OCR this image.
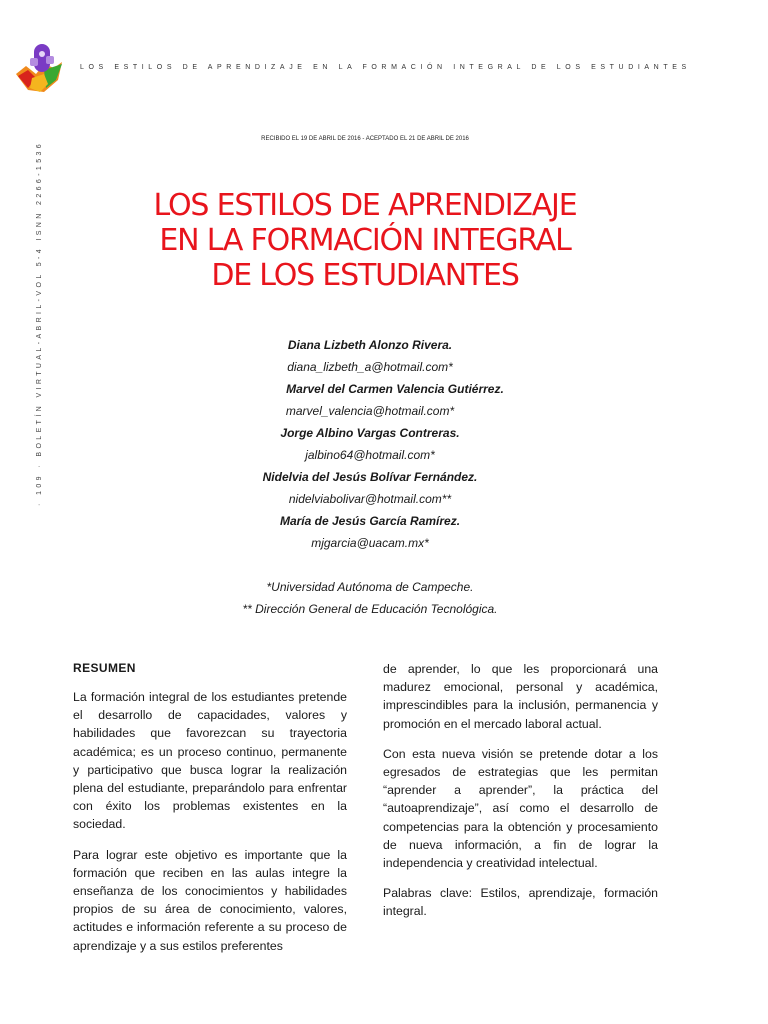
LOS ESTILOS DE APRENDIZAJE EN LA FORMACIÓN INTEGRAL DE LOS ESTUDIANTES
· 109 · BOLETÍN VIRTUAL-ABRIL-VOL 5-4 ISNN 2266-1536
RECIBIDO EL 19 DE ABRIL DE 2016 - ACEPTADO EL 21 DE ABRIL DE 2016
LOS ESTILOS DE APRENDIZAJE
EN LA FORMACIÓN INTEGRAL
DE LOS ESTUDIANTES
Diana Lizbeth Alonzo Rivera.
diana_lizbeth_a@hotmail.com*
Marvel del Carmen Valencia Gutiérrez.
marvel_valencia@hotmail.com*
Jorge Albino Vargas Contreras.
jalbino64@hotmail.com*
Nidelvia del Jesús Bolívar Fernández.
nidelviabolivar@hotmail.com**
María de Jesús García Ramírez.
mjgarcia@uacam.mx*
*Universidad Autónoma de Campeche.
** Dirección General de Educación Tecnológica.
RESUMEN

La formación integral de los estudiantes pretende el desarrollo de capacidades, valores y habilidades que favorezcan su trayectoria académica; es un proceso continuo, permanente y participativo que busca lograr la realización plena del estudiante, preparándolo para enfrentar con éxito los problemas existentes en la sociedad.

Para lograr este objetivo es importante que la formación que reciben en las aulas integre la enseñanza de los conocimientos y habilidades propios de su área de conocimiento, valores, actitudes e información referente a su proceso de aprendizaje y a sus estilos preferentes

de aprender, lo que les proporcionará una madurez emocional, personal y académica, imprescindibles para la inclusión, permanencia y promoción en el mercado laboral actual.

Con esta nueva visión se pretende dotar a los egresados de estrategias que les permitan “aprender a aprender”, la práctica del “autoaprendizaje”, así como el desarrollo de competencias para la obtención y procesamiento de nueva información, a fin de lograr la independencia y creatividad intelectual.

Palabras clave: Estilos, aprendizaje, formación integral.
